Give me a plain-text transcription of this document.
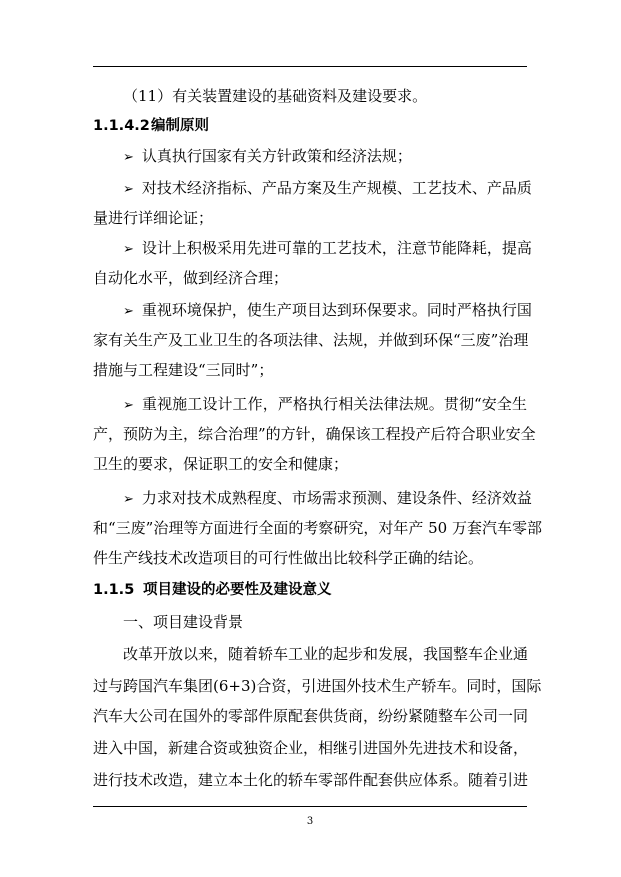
（11）有关装置建设的基础资料及建设要求。
1.1.4.2编制原则
➢ 认真执行国家有关方针政策和经济法规；
➢ 对技术经济指标、产品方案及生产规模、工艺技术、产品质
量进行详细论证；
➢ 设计上积极采用先进可靠的工艺技术，注意节能降耗，提高
自动化水平，做到经济合理；
➢ 重视环境保护，使生产项目达到环保要求。同时严格执行国
家有关生产及工业卫生的各项法律、法规，并做到环保“三废”治理
措施与工程建设“三同时”；
➢ 重视施工设计工作，严格执行相关法律法规。贯彻“安全生
产，预防为主，综合治理”的方针，确保该工程投产后符合职业安全
卫生的要求，保证职工的安全和健康；
➢ 力求对技术成熟程度、市场需求预测、建设条件、经济效益
和“三废”治理等方面进行全面的考察研究，对年产 50 万套汽车零部
件生产线技术改造项目的可行性做出比较科学正确的结论。
1.1.5 项目建设的必要性及建设意义
一、项目建设背景
改革开放以来，随着轿车工业的起步和发展，我国整车企业通
过与跨国汽车集团(6+3)合资，引进国外技术生产轿车。同时，国际
汽车大公司在国外的零部件原配套供货商，纷纷紧随整车公司一同
进入中国，新建合资或独资企业，相继引进国外先进技术和设备，
进行技术改造，建立本土化的轿车零部件配套供应体系。随着引进
3
